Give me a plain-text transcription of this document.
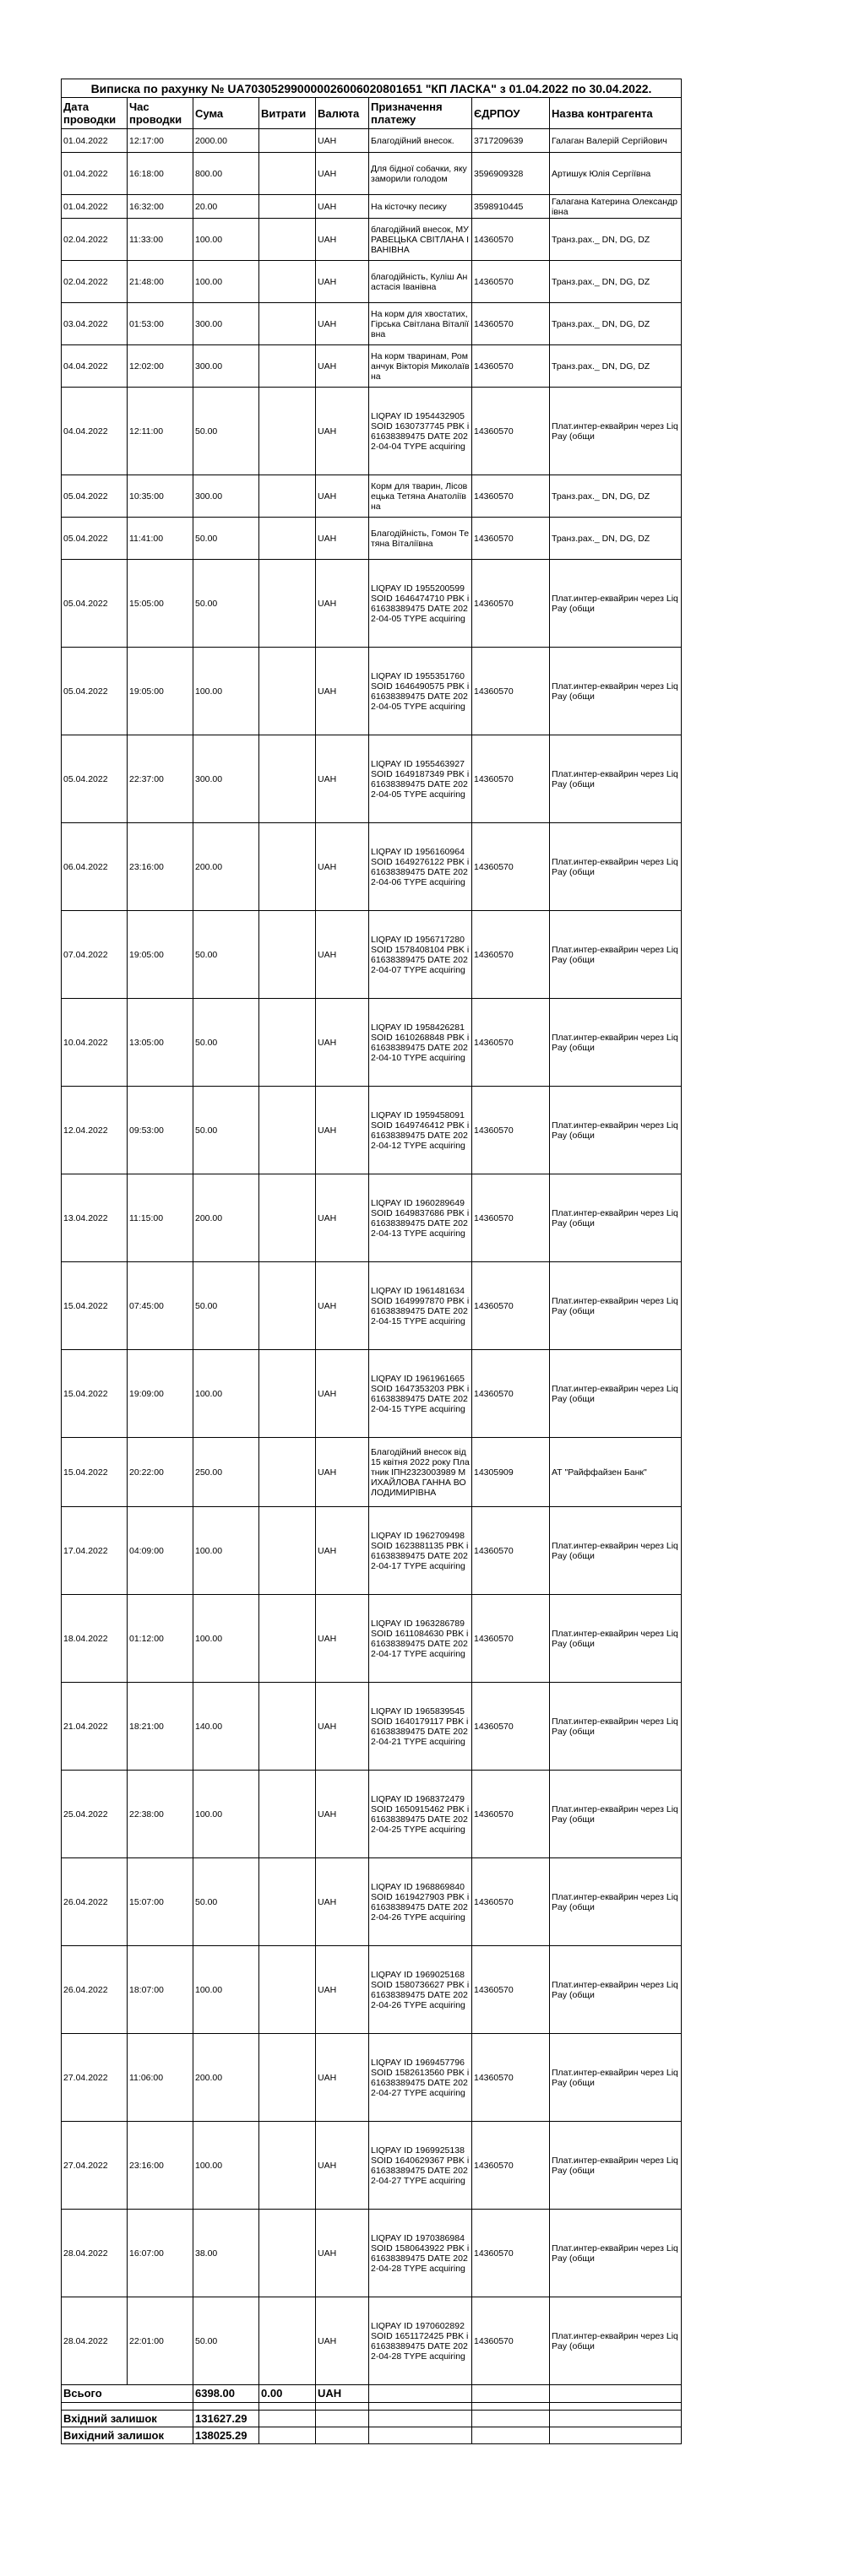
Виписка по рахунку № UA703052990000026006020801651 "КП ЛАСКА" з 01.04.2022 по 30.04.2022.							
Дата проводки	Час проводки	Сума	Витрати	Валюта	Призначення платежу	ЄДРПОУ	Назва контрагента
01.04.2022	12:17:00	2000.00		UAH	Благодійний внесок.	3717209639	Галаган Валерій Сергійович
01.04.2022	16:18:00	800.00		UAH	Для бідної собачки, яку заморили голодом	3596909328	Артишук Юлія Сергіївна
01.04.2022	16:32:00	20.00		UAH	На кісточку песику	3598910445	Галаганa Катерина Олександрівна
02.04.2022	11:33:00	100.00		UAH	благодійний внесок, МУРАВЕЦЬКА СВІТЛАНА ІВАНІВНА	14360570	Транз.рах._ DN, DG, DZ
02.04.2022	21:48:00	100.00		UAH	благодійність, Куліш Анастасія Іванівна	14360570	Транз.рах._ DN, DG, DZ
03.04.2022	01:53:00	300.00		UAH	На корм для хвостатих, Гірська Світлана Віталіївна	14360570	Транз.рах._ DN, DG, DZ
04.04.2022	12:02:00	300.00		UAH	На корм тваринам, Романчук Вікторія Миколаївна	14360570	Транз.рах._ DN, DG, DZ
04.04.2022	12:11:00	50.00		UAH	LIQPAY ID 1954432905 SOID 1630737745 PBK i61638389475 DATE 2022-04-04 TYPE acquiring	14360570	Плат.интер-еквайрин через LiqPay (общи
05.04.2022	10:35:00	300.00		UAH	Корм для тварин, Лісовецька Тетяна Анатоліївна	14360570	Транз.рах._ DN, DG, DZ
05.04.2022	11:41:00	50.00		UAH	Благодійність, Гомон Тетяна Віталіївна	14360570	Транз.рах._ DN, DG, DZ
05.04.2022	15:05:00	50.00		UAH	LIQPAY ID 1955200599 SOID 1646474710 PBK i61638389475 DATE 2022-04-05 TYPE acquiring	14360570	Плат.интер-еквайрин через LiqPay (общи
05.04.2022	19:05:00	100.00		UAH	LIQPAY ID 1955351760 SOID 1646490575 PBK i61638389475 DATE 2022-04-05 TYPE acquiring	14360570	Плат.интер-еквайрин через LiqPay (общи
05.04.2022	22:37:00	300.00		UAH	LIQPAY ID 1955463927 SOID 1649187349 PBK i61638389475 DATE 2022-04-05 TYPE acquiring	14360570	Плат.интер-еквайрин через LiqPay (общи
06.04.2022	23:16:00	200.00		UAH	LIQPAY ID 1956160964 SOID 1649276122 PBK i61638389475 DATE 2022-04-06 TYPE acquiring	14360570	Плат.интер-еквайрин через LiqPay (общи
07.04.2022	19:05:00	50.00		UAH	LIQPAY ID 1956717280 SOID 1578408104 PBK i61638389475 DATE 2022-04-07 TYPE acquiring	14360570	Плат.интер-еквайрин через LiqPay (общи
10.04.2022	13:05:00	50.00		UAH	LIQPAY ID 1958426281 SOID 1610268848 PBK i61638389475 DATE 2022-04-10 TYPE acquiring	14360570	Плат.интер-еквайрин через LiqPay (общи
12.04.2022	09:53:00	50.00		UAH	LIQPAY ID 1959458091 SOID 1649746412 PBK i61638389475 DATE 2022-04-12 TYPE acquiring	14360570	Плат.интер-еквайрин через LiqPay (общи
13.04.2022	11:15:00	200.00		UAH	LIQPAY ID 1960289649 SOID 1649837686 PBK i61638389475 DATE 2022-04-13 TYPE acquiring	14360570	Плат.интер-еквайрин через LiqPay (общи
15.04.2022	07:45:00	50.00		UAH	LIQPAY ID 1961481634 SOID 1649997870 PBK i61638389475 DATE 2022-04-15 TYPE acquiring	14360570	Плат.интер-еквайрин через LiqPay (общи
15.04.2022	19:09:00	100.00		UAH	LIQPAY ID 1961961665 SOID 1647353203 PBK i61638389475 DATE 2022-04-15 TYPE acquiring	14360570	Плат.интер-еквайрин через LiqPay (общи
15.04.2022	20:22:00	250.00		UAH	Благодійний внесок від 15 квітня 2022 року Платник ІПН2323003989 МИХАЙЛОВА ГАННА ВОЛОДИМИРІВНА	14305909	АТ "Райффайзен Банк"
17.04.2022	04:09:00	100.00		UAH	LIQPAY ID 1962709498 SOID 1623881135 PBK i61638389475 DATE 2022-04-17 TYPE acquiring	14360570	Плат.интер-еквайрин через LiqPay (общи
18.04.2022	01:12:00	100.00		UAH	LIQPAY ID 1963286789 SOID 1611084630 PBK i61638389475 DATE 2022-04-17 TYPE acquiring	14360570	Плат.интер-еквайрин через LiqPay (общи
21.04.2022	18:21:00	140.00		UAH	LIQPAY ID 1965839545 SOID 1640179117 PBK i61638389475 DATE 2022-04-21 TYPE acquiring	14360570	Плат.интер-еквайрин через LiqPay (общи
25.04.2022	22:38:00	100.00		UAH	LIQPAY ID 1968372479 SOID 1650915462 PBK i61638389475 DATE 2022-04-25 TYPE acquiring	14360570	Плат.интер-еквайрин через LiqPay (общи
26.04.2022	15:07:00	50.00		UAH	LIQPAY ID 1968869840 SOID 1619427903 PBK i61638389475 DATE 2022-04-26 TYPE acquiring	14360570	Плат.интер-еквайрин через LiqPay (общи
26.04.2022	18:07:00	100.00		UAH	LIQPAY ID 1969025168 SOID 1580736627 PBK i61638389475 DATE 2022-04-26 TYPE acquiring	14360570	Плат.интер-еквайрин через LiqPay (общи
27.04.2022	11:06:00	200.00		UAH	LIQPAY ID 1969457796 SOID 1582613560 PBK i61638389475 DATE 2022-04-27 TYPE acquiring	14360570	Плат.интер-еквайрин через LiqPay (общи
27.04.2022	23:16:00	100.00		UAH	LIQPAY ID 1969925138 SOID 1640629367 PBK i61638389475 DATE 2022-04-27 TYPE acquiring	14360570	Плат.интер-еквайрин через LiqPay (общи
28.04.2022	16:07:00	38.00		UAH	LIQPAY ID 1970386984 SOID 1580643922 PBK i61638389475 DATE 2022-04-28 TYPE acquiring	14360570	Плат.интер-еквайрин через LiqPay (общи
28.04.2022	22:01:00	50.00		UAH	LIQPAY ID 1970602892 SOID 1651172425 PBK i61638389475 DATE 2022-04-28 TYPE acquiring	14360570	Плат.интер-еквайрин через LiqPay (общи
Всього		6398.00	0.00	UAH			

Вхідний залишок		131627.29					
Вихідний залишок		138025.29					
